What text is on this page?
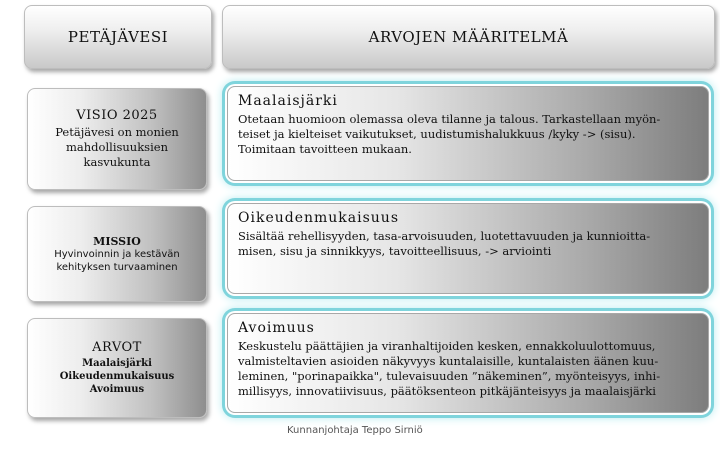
PETÄJÄVESI	ARVOJEN MÄÄRITELMÄ
VISIO 2025
Petäjävesi on monien
mahdollisuuksien
kasvukunta
MISSIO
Hyvinvoinnin ja kestävän
kehityksen turvaaminen
ARVOT
Maalaisjärki
Oikeudenmukaisuus
Avoimuus
Maalaisjärki
Otetaan huomioon olemassa oleva tilanne ja talous. Tarkastellaan myön-
teiset ja kielteiset vaikutukset, uudistumishalukkuus /kyky -> (sisu).
Toimitaan tavoitteen mukaan.
Oikeudenmukaisuus
Sisältää rehellisyyden, tasa-arvoisuuden, luotettavuuden ja kunnioitta-
misen, sisu ja sinnikkyys, tavoitteellisuus, -> arviointi
Avoimuus
Keskustelu päättäjien ja viranhaltijoiden kesken, ennakkoluulottomuus,
valmisteltavien asioiden näkyvyys kuntalaisille, kuntalaisten äänen kuu-
leminen, "porinapaikka", tulevaisuuden ”näkeminen”, myönteisyys, inhi-
millisyys, innovatiivisuus, päätöksenteon pitkäjänteisyys ja maalaisjärki
Kunnanjohtaja Teppo Sirniö
